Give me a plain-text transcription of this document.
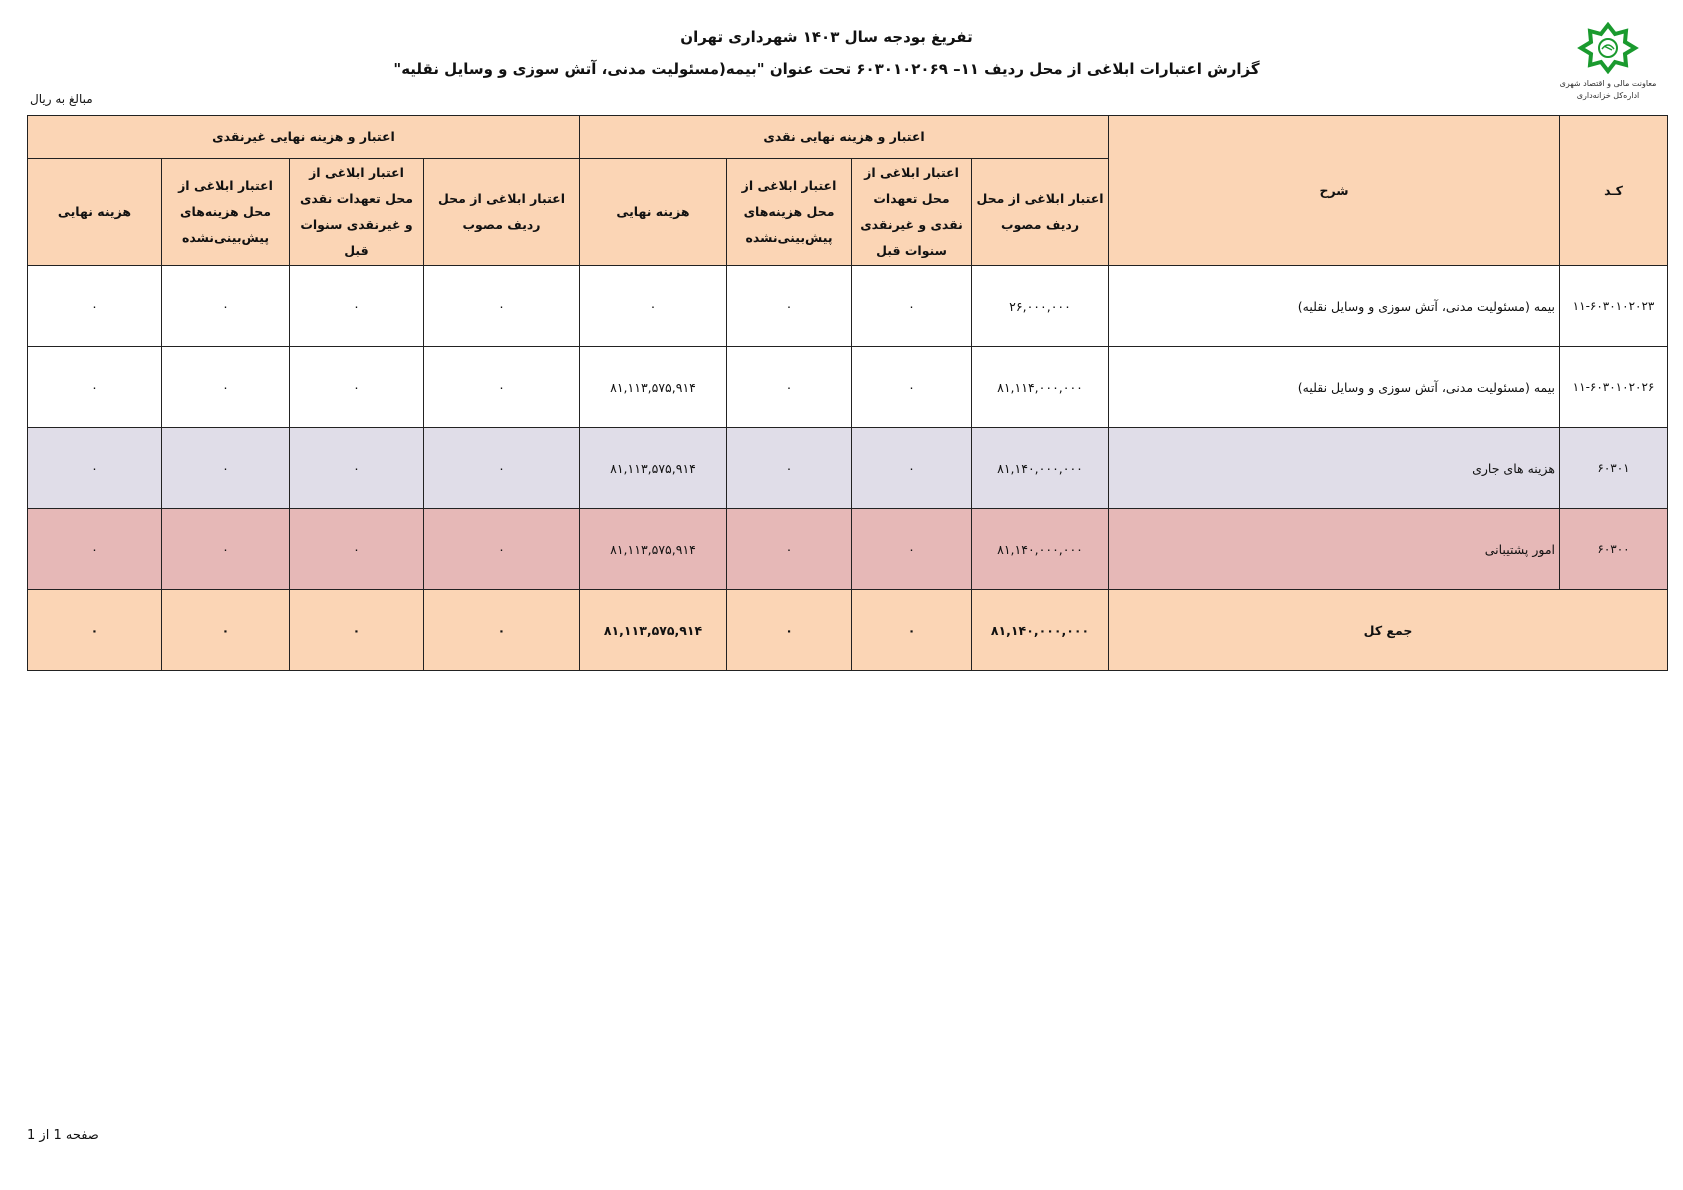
تفریغ بودجه سال ۱۴۰۳ شهرداری تهران
گزارش اعتبارات ابلاغی از محل ردیف ۱۱– ۶۰۳۰۱۰۲۰۶۹ تحت عنوان "بیمه(مسئولیت مدنی، آتش سوزی و وسایل نقلیه"
معاونت مالی و اقتصاد شهری
اداره‌کل خزانه‌داری
مبالغ به ریال
کـد	شرح	اعتبار و هزینه نهایی نقدی				اعتبار و هزینه نهایی غیرنقدی			
		اعتبار ابلاغی از محل ردیف مصوب	اعتبار ابلاغی از محل تعهدات نقدی و غیرنقدی سنوات قبل	اعتبار ابلاغی از محل هزینه‌های پیش‌بینی‌نشده	هزینه نهایی	اعتبار ابلاغی از محل ردیف مصوب	اعتبار ابلاغی از محل تعهدات نقدی و غیرنقدی سنوات قبل	اعتبار ابلاغی از محل هزینه‌های پیش‌بینی‌نشده	هزینه نهایی
۱۱-۶۰۳۰۱۰۲۰۲۳	بیمه (مسئولیت مدنی، آتش سوزی و وسایل نقلیه)	۲۶,۰۰۰,۰۰۰	۰	۰	۰	۰	۰	۰	۰
۱۱-۶۰۳۰۱۰۲۰۲۶	بیمه (مسئولیت مدنی، آتش سوزی و وسایل نقلیه)	۸۱,۱۱۴,۰۰۰,۰۰۰	۰	۰	۸۱,۱۱۳,۵۷۵,۹۱۴	۰	۰	۰	۰
۶۰۳۰۱	هزینه های جاری	۸۱,۱۴۰,۰۰۰,۰۰۰	۰	۰	۸۱,۱۱۳,۵۷۵,۹۱۴	۰	۰	۰	۰
۶۰۳۰۰	امور پشتیبانی	۸۱,۱۴۰,۰۰۰,۰۰۰	۰	۰	۸۱,۱۱۳,۵۷۵,۹۱۴	۰	۰	۰	۰
جمع کل		۸۱,۱۴۰,۰۰۰,۰۰۰	۰	۰	۸۱,۱۱۳,۵۷۵,۹۱۴	۰	۰	۰	۰
صفحه 1 از 1
